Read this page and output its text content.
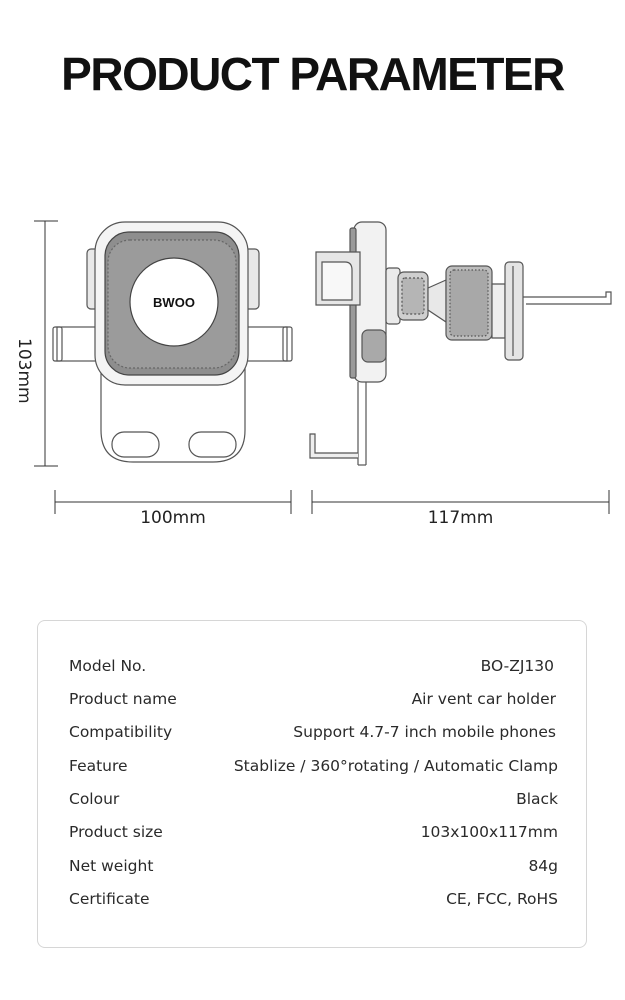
PRODUCT PARAMETER
BWOO
103mm
100mm	117mm
Model No.	BO-ZJ130
Product name	Air vent car holder
Compatibility	Support 4.7-7 inch mobile phones
Feature	Stablize / 360°rotating / Automatic Clamp
Colour	Black
Product size	103x100x117mm
Net weight	84g
Certificate	CE, FCC, RoHS
